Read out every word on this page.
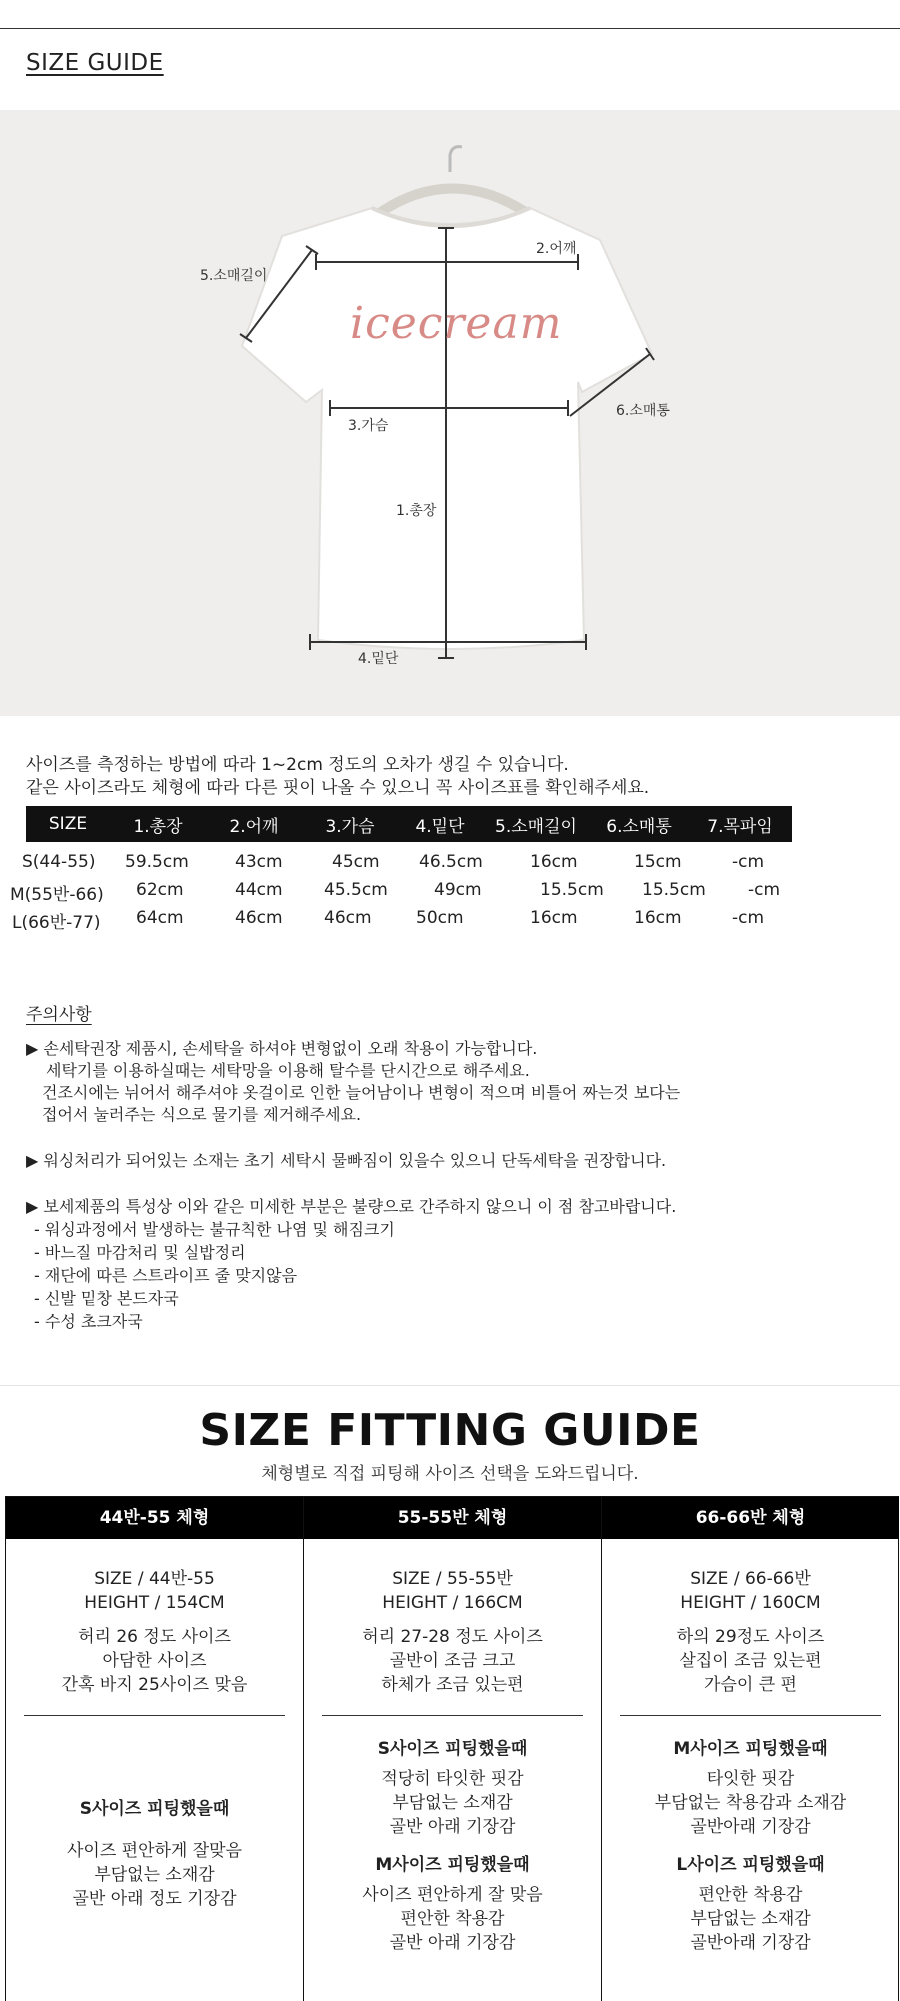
SIZE GUIDE
icecream
5.소매길이
2.어깨
3.가슴
6.소매통
1.총장
4.밑단
사이즈를 측정하는 방법에 따라 1~2cm 정도의 오차가 생길 수 있습니다.
같은 사이즈라도 체형에 따라 다른 핏이 나올 수 있으니 꼭 사이즈표를 확인해주세요.
SIZE	1.총장	2.어깨	3.가슴	4.밑단	5.소매길이	6.소매통	7.목파임
S(44-55) 59.5cm	43cm	45cm 46.5cm	16cm	15cm	-cm
M(55반-66) 62cm	44cm 45.5cm	49cm	15.5cm 15.5cm -cm
L(66반-77) 64cm	46cm 46cm	50cm	16cm	16cm	-cm
주의사항
▶ 손세탁권장 제품시, 손세탁을 하셔야 변형없이 오래 착용이 가능합니다.
세탁기를 이용하실때는 세탁망을 이용해 탈수를 단시간으로 해주세요.
건조시에는 뉘어서 해주셔야 옷걸이로 인한 늘어남이나 변형이 적으며 비틀어 짜는것 보다는
접어서 눌러주는 식으로 물기를 제거해주세요.
▶ 워싱처리가 되어있는 소재는 초기 세탁시 물빠짐이 있을수 있으니 단독세탁을 권장합니다.
▶ 보세제품의 특성상 이와 같은 미세한 부분은 불량으로 간주하지 않으니 이 점 참고바랍니다.
- 워싱과정에서 발생하는 불규칙한 나염 및 해짐크기
- 바느질 마감처리 및 실밥정리
- 재단에 따른 스트라이프 줄 맞지않음
- 신발 밑창 본드자국
- 수성 초크자국
SIZE FITTING GUIDE
체형별로 직접 피팅해 사이즈 선택을 도와드립니다.
44반-55 체형
SIZE / 44반-55
HEIGHT / 154CM
허리 26 정도 사이즈
아담한 사이즈
간혹 바지 25사이즈 맞음
S사이즈 피팅했을때
사이즈 편안하게 잘맞음
부담없는 소재감
골반 아래 정도 기장감
55-55반 체형
SIZE / 55-55반
HEIGHT / 166CM
허리 27-28 정도 사이즈
골반이 조금 크고
하체가 조금 있는편
S사이즈 피팅했을때
적당히 타잇한 핏감
부담없는 소재감
골반 아래 기장감
M사이즈 피팅했을때
사이즈 편안하게 잘 맞음
편안한 착용감
골반 아래 기장감
66-66반 체형
SIZE / 66-66반
HEIGHT / 160CM
하의 29정도 사이즈
살집이 조금 있는편
가슴이 큰 편
M사이즈 피팅했을때
타잇한 핏감
부담없는 착용감과 소재감
골반아래 기장감
L사이즈 피팅했을때
편안한 착용감
부담없는 소재감
골반아래 기장감
